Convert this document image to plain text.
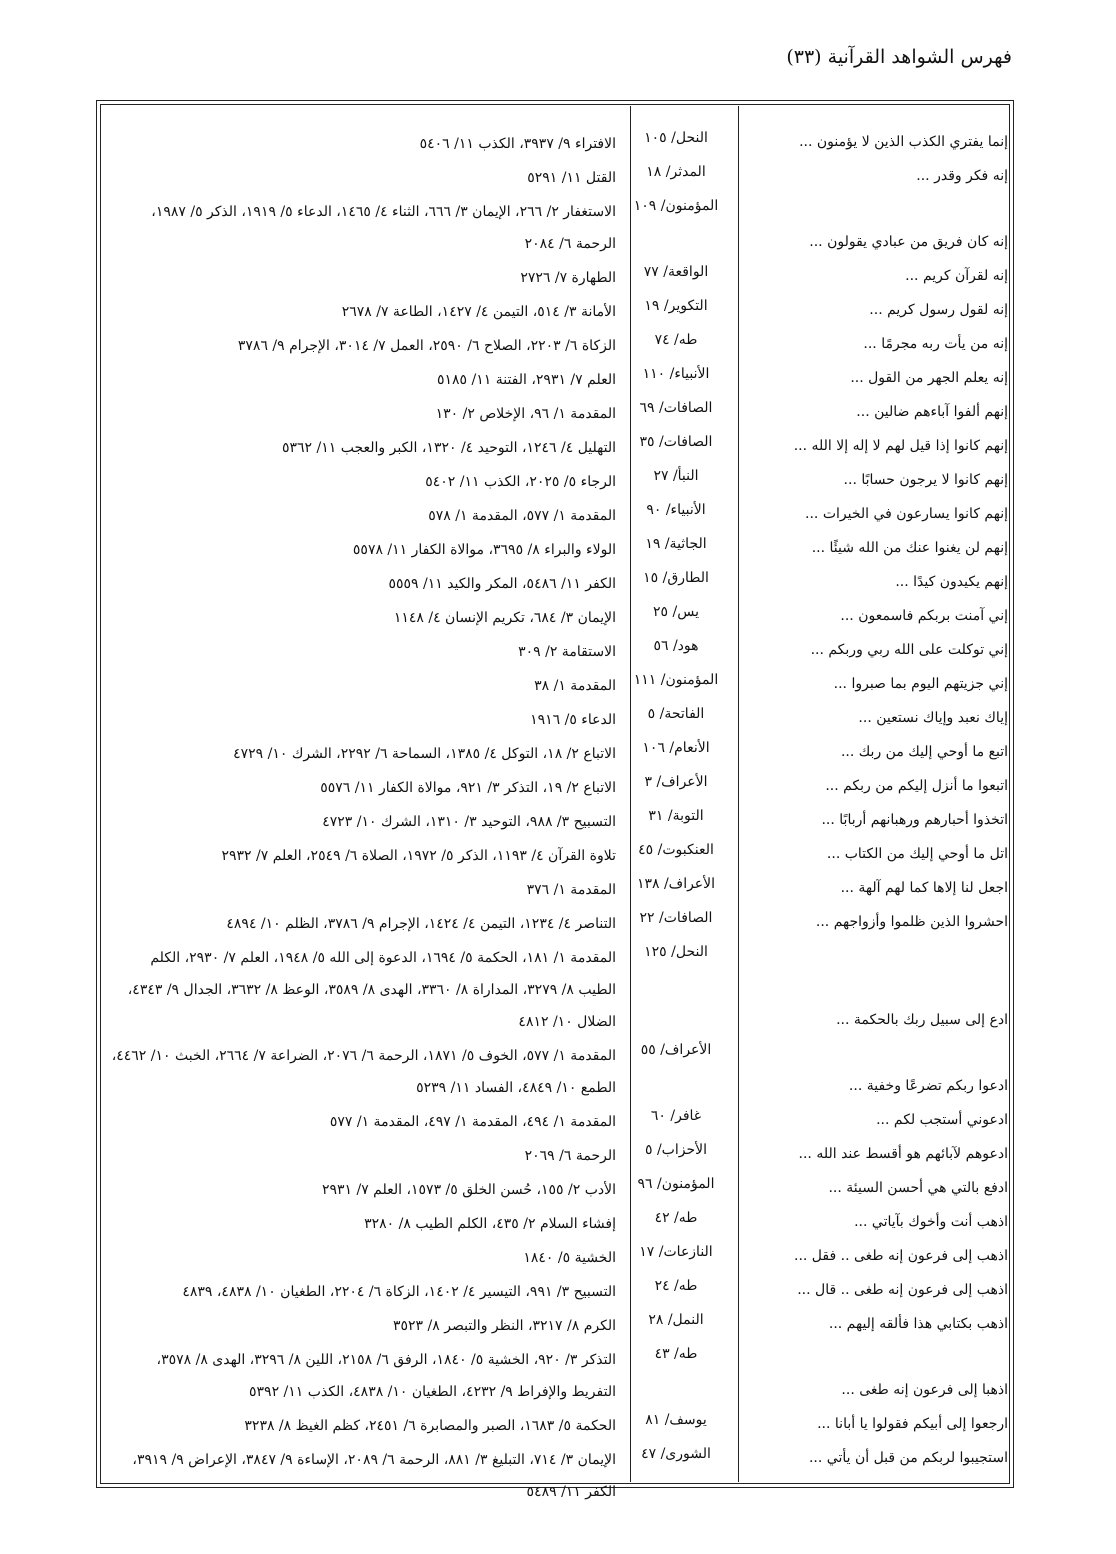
فهرس الشواهد القرآنية (٣٣)
إنما يفتري الكذب الذين لا يؤمنون ...
النحل/ ١٠٥
الافتراء ٩/ ٣٩٣٧، الكذب ١١/ ٥٤٠٦
إنه فكر وقدر ...
المدثر/ ١٨
القتل ١١/ ٥٢٩١
إنه كان فريق من عبادي يقولون ...
المؤمنون/ ١٠٩
الاستغفار ٢/ ٢٦٦، الإيمان ٣/ ٦٦٦، الثناء ٤/ ١٤٦٥، الدعاء ٥/ ١٩١٩، الذكر ٥/ ١٩٨٧، الرحمة ٦/ ٢٠٨٤
إنه لقرآن كريم ...
الواقعة/ ٧٧
الطهارة ٧/ ٢٧٢٦
إنه لقول رسول كريم ...
التكوير/ ١٩
الأمانة ٣/ ٥١٤، التيمن ٤/ ١٤٢٧، الطاعة ٧/ ٢٦٧٨
إنه من يأت ربه مجرمًا ...
طه/ ٧٤
الزكاة ٦/ ٢٢٠٣، الصلاح ٦/ ٢٥٩٠، العمل ٧/ ٣٠١٤، الإجرام ٩/ ٣٧٨٦
إنه يعلم الجهر من القول ...
الأنبياء/ ١١٠
العلم ٧/ ٢٩٣١، الفتنة ١١/ ٥١٨٥
إنهم ألفوا آباءهم ضالين ...
الصافات/ ٦٩
المقدمة ١/ ٩٦، الإخلاص ٢/ ١٣٠
إنهم كانوا إذا قيل لهم لا إله إلا الله ...
الصافات/ ٣٥
التهليل ٤/ ١٢٤٦، التوحيد ٤/ ١٣٢٠، الكبر والعجب ١١/ ٥٣٦٢
إنهم كانوا لا يرجون حسابًا ...
النبأ/ ٢٧
الرجاء ٥/ ٢٠٢٥، الكذب ١١/ ٥٤٠٢
إنهم كانوا يسارعون في الخيرات ...
الأنبياء/ ٩٠
المقدمة ١/ ٥٧٧، المقدمة ١/ ٥٧٨
إنهم لن يغنوا عنك من الله شيئًا ...
الجاثية/ ١٩
الولاء والبراء ٨/ ٣٦٩٥، موالاة الكفار ١١/ ٥٥٧٨
إنهم يكيدون كيدًا ...
الطارق/ ١٥
الكفر ١١/ ٥٤٨٦، المكر والكيد ١١/ ٥٥٥٩
إني آمنت بربكم فاسمعون ...
يس/ ٢٥
الإيمان ٣/ ٦٨٤، تكريم الإنسان ٤/ ١١٤٨
إني توكلت على الله ربي وربكم ...
هود/ ٥٦
الاستقامة ٢/ ٣٠٩
إني جزيتهم اليوم بما صبروا ...
المؤمنون/ ١١١
المقدمة ١/ ٣٨
إياك نعبد وإياك نستعين ...
الفاتحة/ ٥
الدعاء ٥/ ١٩١٦
اتبع ما أوحي إليك من ربك ...
الأنعام/ ١٠٦
الاتباع ٢/ ١٨، التوكل ٤/ ١٣٨٥، السماحة ٦/ ٢٢٩٢، الشرك ١٠/ ٤٧٢٩
اتبعوا ما أنزل إليكم من ربكم ...
الأعراف/ ٣
الاتباع ٢/ ١٩، التذكر ٣/ ٩٢١، موالاة الكفار ١١/ ٥٥٧٦
اتخذوا أحبارهم ورهبانهم أربابًا ...
التوبة/ ٣١
التسبيح ٣/ ٩٨٨، التوحيد ٣/ ١٣١٠، الشرك ١٠/ ٤٧٢٣
اتل ما أوحي إليك من الكتاب ...
العنكبوت/ ٤٥
تلاوة القرآن ٤/ ١١٩٣، الذكر ٥/ ١٩٧٢، الصلاة ٦/ ٢٥٤٩، العلم ٧/ ٢٩٣٢
اجعل لنا إلاها كما لهم آلهة ...
الأعراف/ ١٣٨
المقدمة ١/ ٣٧٦
احشروا الذين ظلموا وأزواجهم ...
الصافات/ ٢٢
التناصر ٤/ ١٢٣٤، التيمن ٤/ ١٤٢٤، الإجرام ٩/ ٣٧٨٦، الظلم ١٠/ ٤٨٩٤
ادع إلى سبيل ربك بالحكمة ...
النحل/ ١٢٥
المقدمة ١/ ١٨١، الحكمة ٥/ ١٦٩٤، الدعوة إلى الله ٥/ ١٩٤٨، العلم ٧/ ٢٩٣٠، الكلم الطيب ٨/ ٣٢٧٩، المداراة ٨/ ٣٣٦٠، الهدى ٨/ ٣٥٨٩، الوعظ ٨/ ٣٦٣٢، الجدال ٩/ ٤٣٤٣، الضلال ١٠/ ٤٨١٢
ادعوا ربكم تضرعًا وخفية ...
الأعراف/ ٥٥
المقدمة ١/ ٥٧٧، الخوف ٥/ ١٨٧١، الرحمة ٦/ ٢٠٧٦، الضراعة ٧/ ٢٦٦٤، الخبث ١٠/ ٤٤٦٢، الطمع ١٠/ ٤٨٤٩، الفساد ١١/ ٥٢٣٩
ادعوني أستجب لكم ...
غافر/ ٦٠
المقدمة ١/ ٤٩٤، المقدمة ١/ ٤٩٧، المقدمة ١/ ٥٧٧
ادعوهم لآبائهم هو أقسط عند الله ...
الأحزاب/ ٥
الرحمة ٦/ ٢٠٦٩
ادفع بالتي هي أحسن السيئة ...
المؤمنون/ ٩٦
الأدب ٢/ ١٥٥، حُسن الخلق ٥/ ١٥٧٣، العلم ٧/ ٢٩٣١
اذهب أنت وأخوك بآياتي ...
طه/ ٤٢
إفشاء السلام ٢/ ٤٣٥، الكلم الطيب ٨/ ٣٢٨٠
اذهب إلى فرعون إنه طغى .. فقل ...
النازعات/ ١٧
الخشية ٥/ ١٨٤٠
اذهب إلى فرعون إنه طغى .. قال ...
طه/ ٢٤
التسبيح ٣/ ٩٩١، التيسير ٤/ ١٤٠٢، الزكاة ٦/ ٢٢٠٤، الطغيان ١٠/ ٤٨٣٨، ٤٨٣٩
اذهب بكتابي هذا فألقه إليهم ...
النمل/ ٢٨
الكرم ٨/ ٣٢١٧، النظر والتبصر ٨/ ٣٥٢٣
اذهبا إلى فرعون إنه طغى ...
طه/ ٤٣
التذكر ٣/ ٩٢٠، الخشية ٥/ ١٨٤٠، الرفق ٦/ ٢١٥٨، اللين ٨/ ٣٢٩٦، الهدى ٨/ ٣٥٧٨، التفريط والإفراط ٩/ ٤٢٣٢، الطغيان ١٠/ ٤٨٣٨، الكذب ١١/ ٥٣٩٢
ارجعوا إلى أبيكم فقولوا يا أبانا ...
يوسف/ ٨١
الحكمة ٥/ ١٦٨٣، الصبر والمصابرة ٦/ ٢٤٥١، كظم الغيظ ٨/ ٣٢٣٨
استجيبوا لربكم من قبل أن يأتي ...
الشورى/ ٤٧
الإيمان ٣/ ٧١٤، التبليغ ٣/ ٨٨١، الرحمة ٦/ ٢٠٨٩، الإساءة ٩/ ٣٨٤٧، الإعراض ٩/ ٣٩١٩، الكفر ١١/ ٥٤٨٩
